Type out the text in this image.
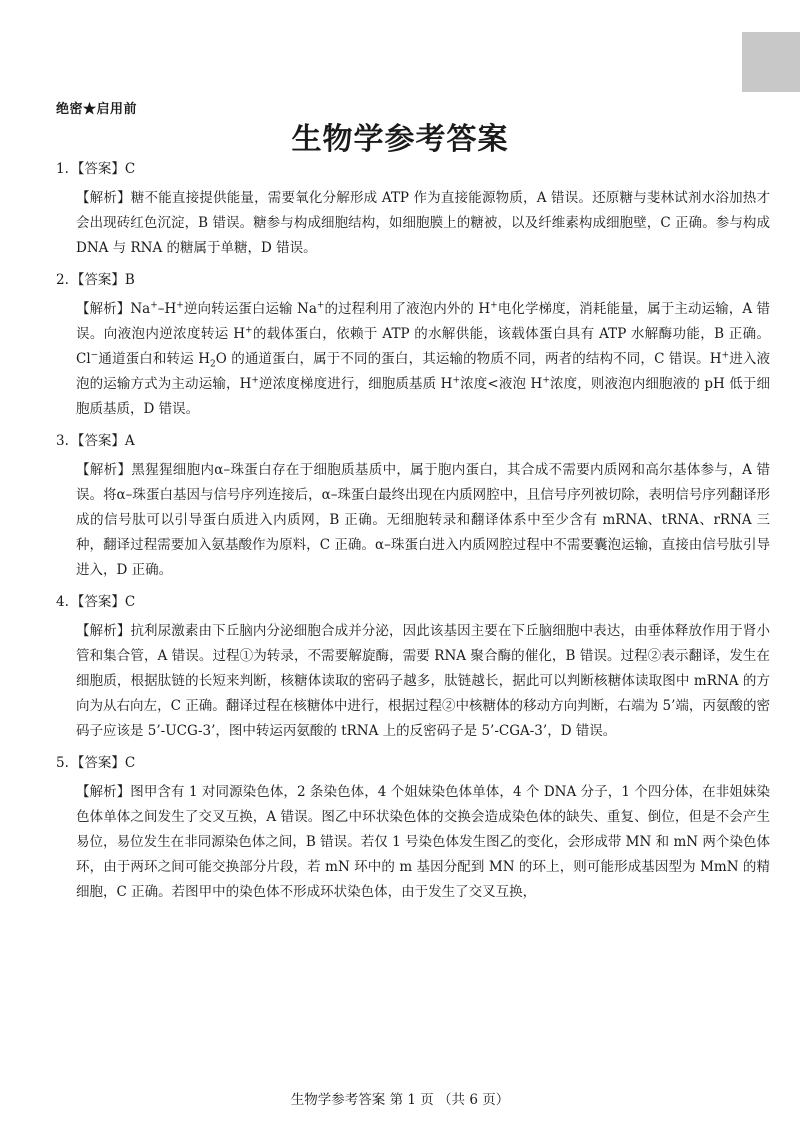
绝密★启用前
生物学参考答案
1. 【答案】C
【解析】糖不能直接提供能量，需要氧化分解形成 ATP 作为直接能源物质，A 错误。还原糖与斐林试剂水浴加热才会出现砖红色沉淀，B 错误。糖参与构成细胞结构，如细胞膜上的糖被，以及纤维素构成细胞壁，C 正确。参与构成 DNA 与 RNA 的糖属于单糖，D 错误。
2. 【答案】B
【解析】Na+–H+逆向转运蛋白运输 Na+的过程利用了液泡内外的 H+电化学梯度，消耗能量，属于主动运输，A 错误。向液泡内逆浓度转运 H+的载体蛋白，依赖于 ATP 的水解供能，该载体蛋白具有 ATP 水解酶功能，B 正确。Cl−通道蛋白和转运 $H_2O$ 的通道蛋白，属于不同的蛋白，其运输的物质不同，两者的结构不同，C 错误。H+进入液泡的运输方式为主动运输，H+逆浓度梯度进行，细胞质基质 H+浓度<液泡 H+浓度，则液泡内细胞液的 pH 低于细胞质基质，D 错误。
3. 【答案】A
【解析】黑猩猩细胞内α–珠蛋白存在于细胞质基质中，属于胞内蛋白，其合成不需要内质网和高尔基体参与，A 错误。将α–珠蛋白基因与信号序列连接后，α–珠蛋白最终出现在内质网腔中，且信号序列被切除，表明信号序列翻译形成的信号肽可以引导蛋白质进入内质网，B 正确。无细胞转录和翻译体系中至少含有 mRNA、tRNA、rRNA 三种，翻译过程需要加入氨基酸作为原料，C 正确。α–珠蛋白进入内质网腔过程中不需要囊泡运输，直接由信号肽引导进入，D 正确。
4. 【答案】C
【解析】抗利尿激素由下丘脑内分泌细胞合成并分泌，因此该基因主要在下丘脑细胞中表达，由垂体释放作用于肾小管和集合管，A 错误。过程①为转录，不需要解旋酶，需要 RNA 聚合酶的催化，B 错误。过程②表示翻译，发生在细胞质，根据肽链的长短来判断，核糖体读取的密码子越多，肽链越长，据此可以判断核糖体读取图中 mRNA 的方向为从右向左，C 正确。翻译过程在核糖体中进行，根据过程②中核糖体的移动方向判断，右端为 5’端，丙氨酸的密码子应该是 5’-UCG-3’，图中转运丙氨酸的 tRNA 上的反密码子是 5’-CGA-3’，D 错误。
5. 【答案】C
【解析】图甲含有 1 对同源染色体，2 条染色体，4 个姐妹染色体单体，4 个 DNA 分子，1 个四分体，在非姐妹染色体单体之间发生了交叉互换，A 错误。图乙中环状染色体的交换会造成染色体的缺失、重复、倒位，但是不会产生易位，易位发生在非同源染色体之间，B 错误。若仅 1 号染色体发生图乙的变化，会形成带 MN 和 mN 两个染色体环，由于两环之间可能交换部分片段，若 mN 环中的 m 基因分配到 MN 的环上，则可能形成基因型为 MmN 的精细胞，C 正确。若图甲中的染色体不形成环状染色体，由于发生了交叉互换，
生物学参考答案 第 1 页 （共 6 页）
